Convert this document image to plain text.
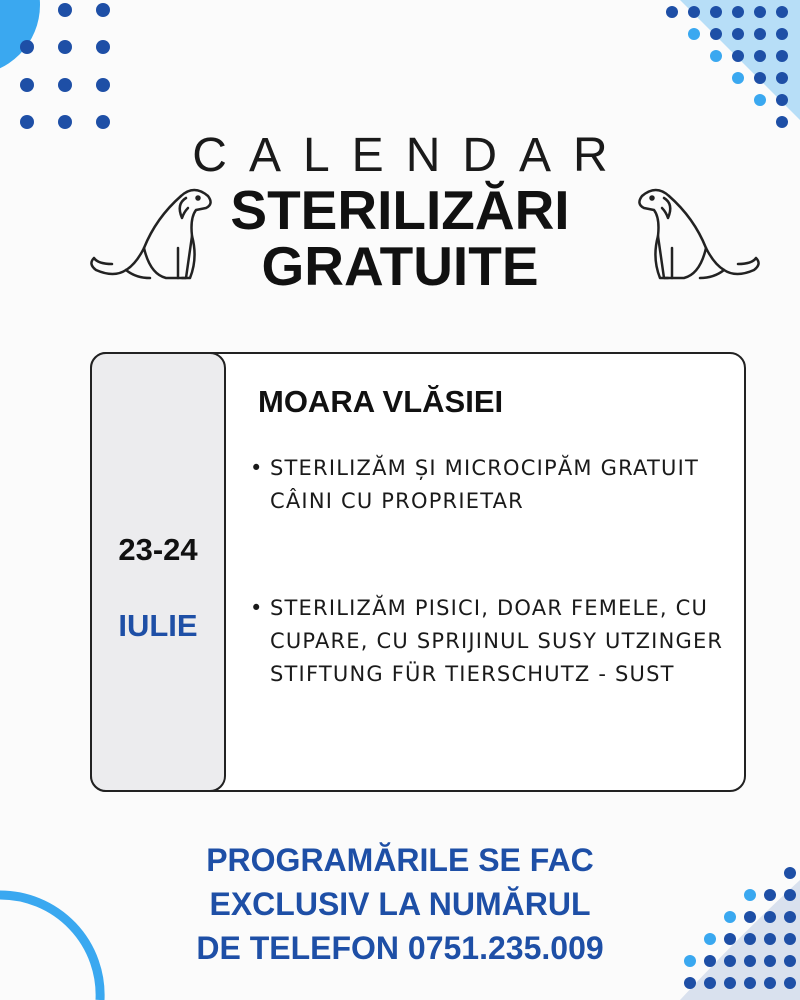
CALENDAR
STERILIZĂRI
GRATUITE
23-24
IULIE
MOARA VLĂSIEI
• STERILIZĂM ȘI MICROCIPĂM GRATUIT CÂINI CU PROPRIETAR
• STERILIZĂM PISICI, DOAR FEMELE, CU CUPARE, CU SPRIJINUL SUSY UTZINGER STIFTUNG FÜR TIERSCHUTZ - SUST
PROGRAMĂRILE SE FAC
EXCLUSIV LA NUMĂRUL
DE TELEFON 0751.235.009
